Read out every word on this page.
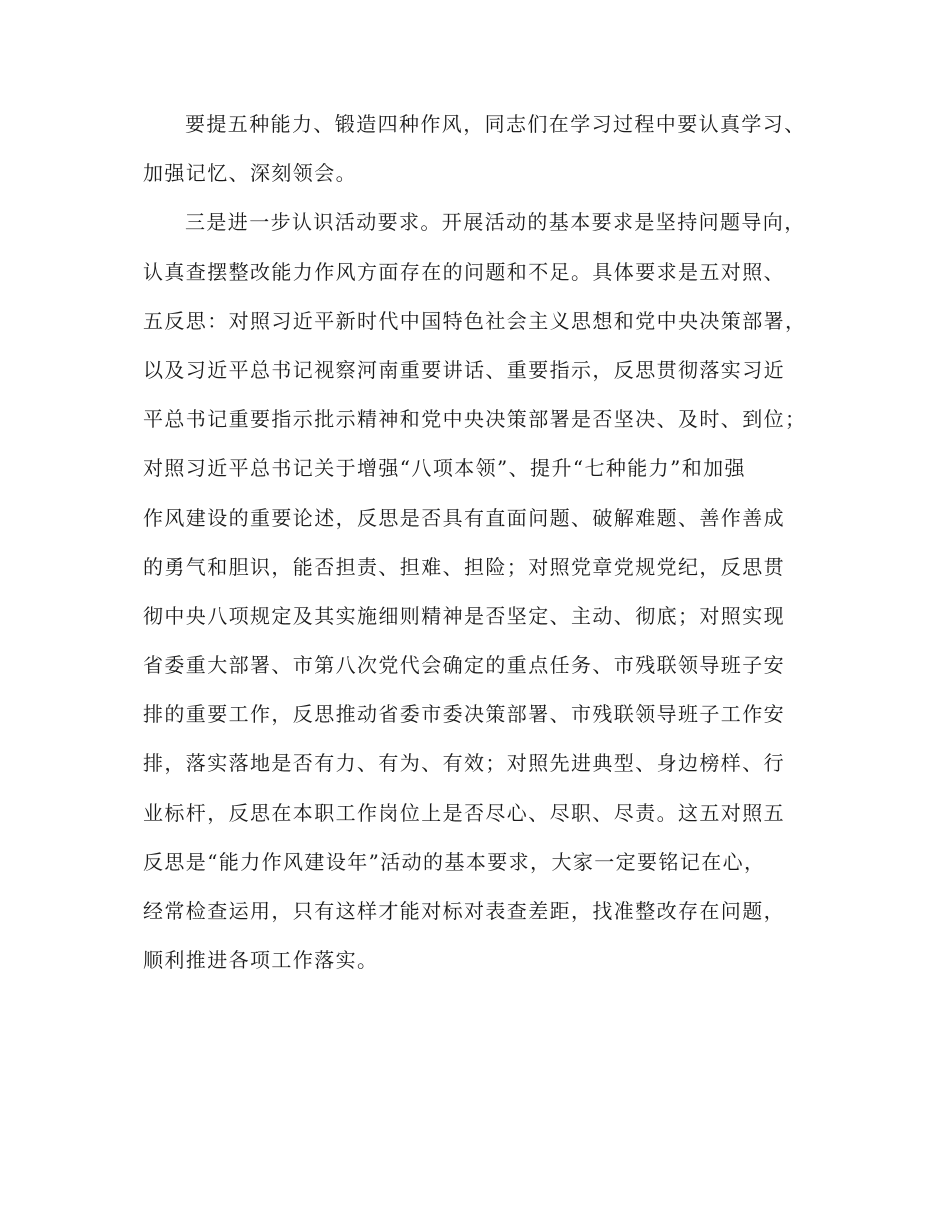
要提五种能力、锻造四种作风，同志们在学习过程中要认真学习、
加强记忆、深刻领会。
三是进一步认识活动要求。开展活动的基本要求是坚持问题导向，
认真查摆整改能力作风方面存在的问题和不足。具体要求是五对照、
五反思：对照习近平新时代中国特色社会主义思想和党中央决策部署，
以及习近平总书记视察河南重要讲话、重要指示，反思贯彻落实习近
平总书记重要指示批示精神和党中央决策部署是否坚决、及时、到位；
对照习近平总书记关于增强“八项本领”、提升“七种能力”和加强
作风建设的重要论述，反思是否具有直面问题、破解难题、善作善成
的勇气和胆识，能否担责、担难、担险；对照党章党规党纪，反思贯
彻中央八项规定及其实施细则精神是否坚定、主动、彻底；对照实现
省委重大部署、市第八次党代会确定的重点任务、市残联领导班子安
排的重要工作，反思推动省委市委决策部署、市残联领导班子工作安
排，落实落地是否有力、有为、有效；对照先进典型、身边榜样、行
业标杆，反思在本职工作岗位上是否尽心、尽职、尽责。这五对照五
反思是“能力作风建设年”活动的基本要求，大家一定要铭记在心，
经常检查运用，只有这样才能对标对表查差距，找准整改存在问题，
顺利推进各项工作落实。
